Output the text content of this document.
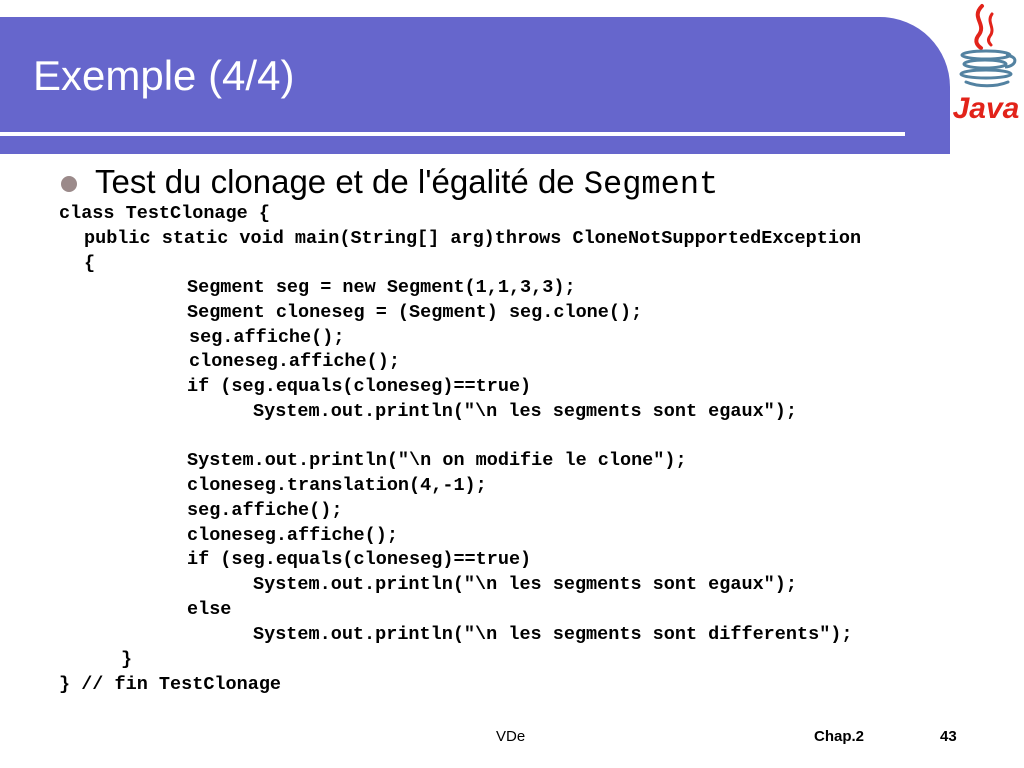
Exemple (4/4)
Java
Test du clonage et de l'égalité de Segment
class TestClonage {
public static void main(String[] arg)throws CloneNotSupportedException
{
Segment seg = new Segment(1,1,3,3);
Segment cloneseg = (Segment) seg.clone();
seg.affiche();
cloneseg.affiche();
if (seg.equals(cloneseg)==true)
System.out.println("\n les segments sont egaux");
System.out.println("\n on modifie le clone");
cloneseg.translation(4,-1);
seg.affiche();
cloneseg.affiche();
if (seg.equals(cloneseg)==true)
System.out.println("\n les segments sont egaux");
else
System.out.println("\n les segments sont differents");
}
} // fin TestClonage
VDe	Chap.2	43
